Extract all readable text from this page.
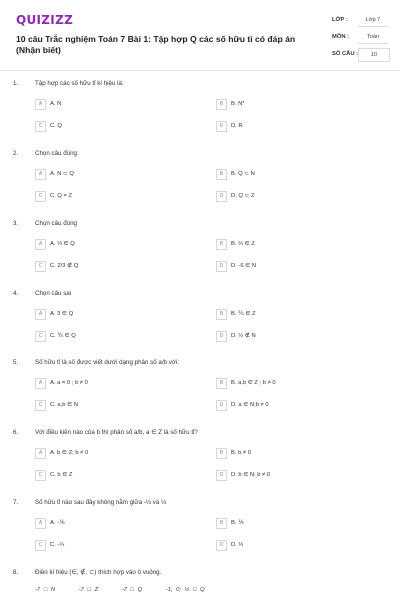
QUIZIZZ
10 câu Trắc nghiệm Toán 7 Bài 1: Tập hợp Q các số hữu tỉ có đáp án (Nhận biết)
LỚP :	Lớp 7
MÔN :	Toán
SỐ CÂU :	10
1.	Tập hợp các số hữu tỉ kí hiệu là:
A	A. N	B	B. N*
C	C. Q	D	D. R
2.	Chọn câu đúng:
A	A. N ⊂ Q	B	B. Q ⊂ N
C	C. Q = Z	D	D. Q ⊂ Z
3.	Chọn câu đúng
A	A. ⅓ ∈ Q	B	B. ⅔ ∈ Z
C	C. 2/3 ∉ Q	D	D. -6 ∈ N
4.	Chọn câu sai
A	A. 3 ∈ Q	B	B. ⅖ ∈ Z
C	C. ⅗ ∈ Q	D	D. ½ ∉ N
5.	Số hữu tỉ là số được viết dưới dạng phân số a/b với:
A	A. a = 0 ; b ≠ 0	B	B. a,b ∈ Z ; b ≠ 0
C	C. a,b ∈ N	D	D. a ∈ N;b ≠ 0
6.	Với điều kiện nào của b thì phân số a/b, a ∈ Z là số hữu tỉ?
A	A. b ∈ Z; b ≠ 0	B	B. b ≠ 0
C	C. b ∈ Z	D	D. b ∈ N; b ≠ 0
7.	Số hữu tỉ nào sau đây không nằm giữa -⅓ và ⅓
A	A. -⅙	B	B. ⅙
C	C. -¼	D	D. ⅔
8.	Điền kí hiệu (∈, ∉, ⊂) thích hợp vào ô vuông.
-7 □ N	-7 □ Z	-7 □ Q	-1; 0; ½ □ Q
